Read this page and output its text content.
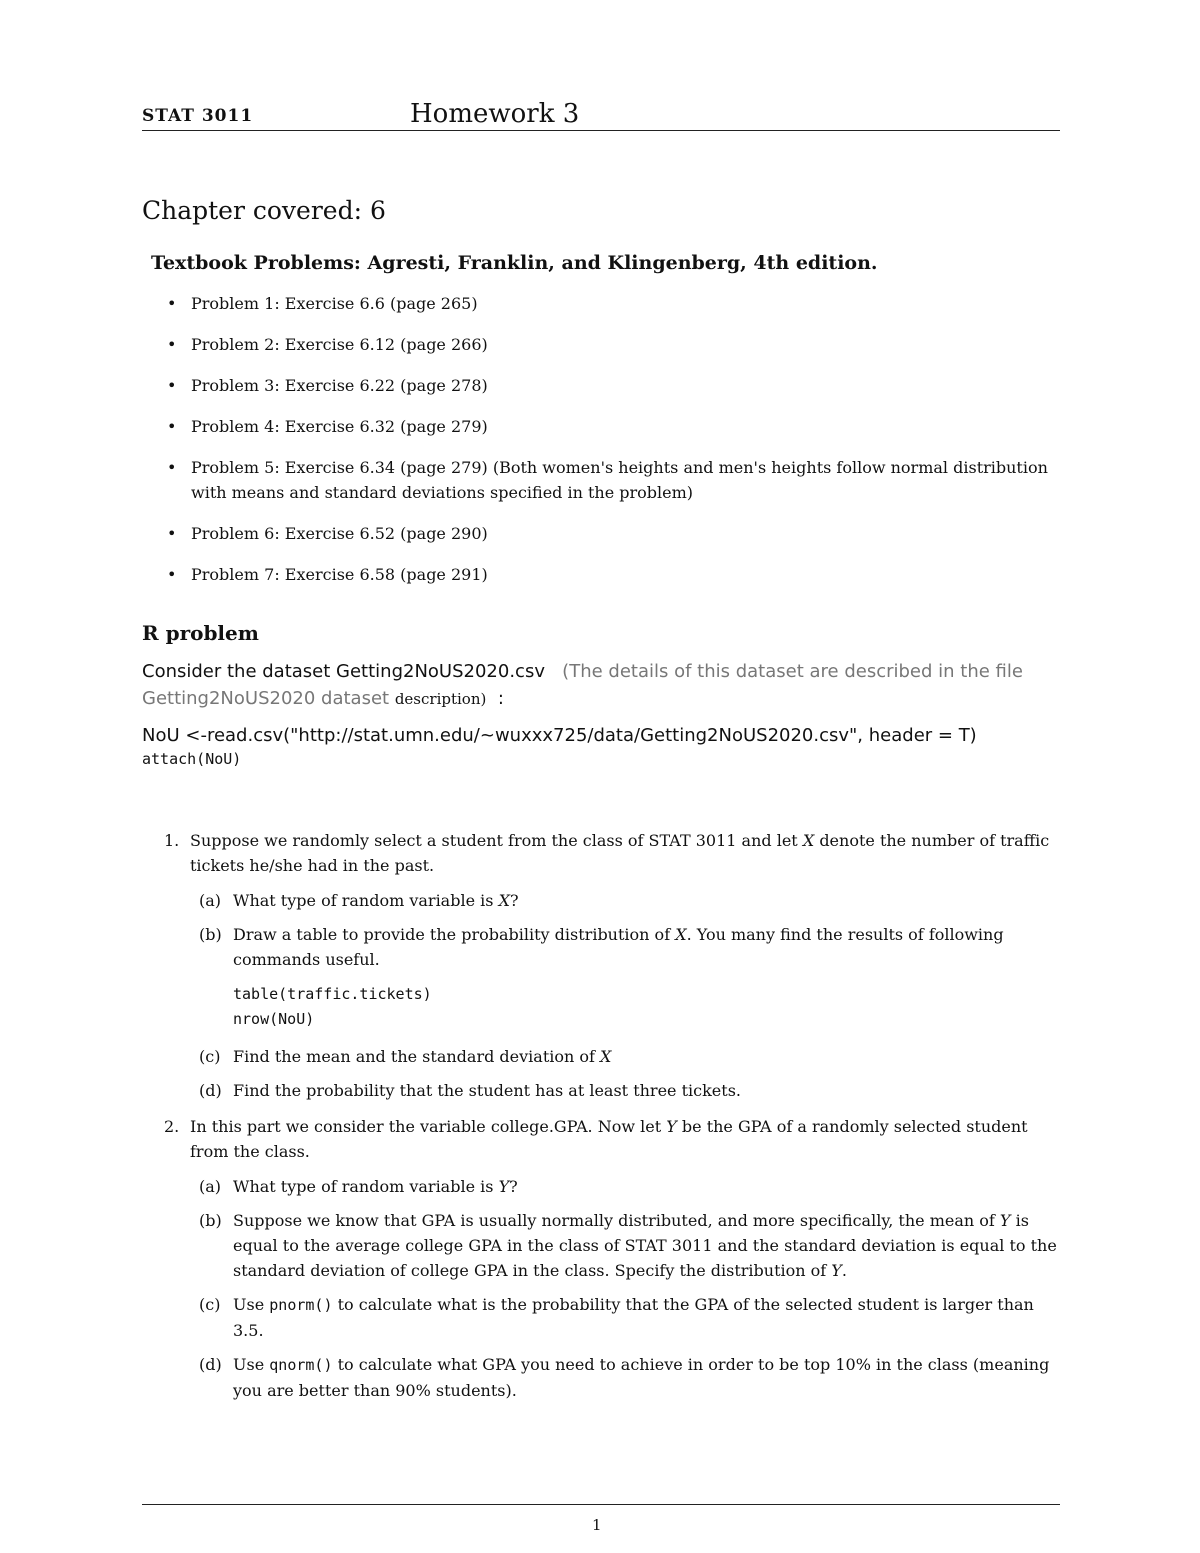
STAT 3011	Homework 3
Chapter covered: 6
Textbook Problems: Agresti, Franklin, and Klingenberg, 4th edition.
• Problem 1: Exercise 6.6 (page 265)
• Problem 2: Exercise 6.12 (page 266)
• Problem 3: Exercise 6.22 (page 278)
• Problem 4: Exercise 6.32 (page 279)
• Problem 5: Exercise 6.34 (page 279) (Both women's heights and men's heights follow normal distribution with means and standard deviations specified in the problem)
• Problem 6: Exercise 6.52 (page 290)
• Problem 7: Exercise 6.58 (page 291)
R problem
Consider the dataset Getting2NoUS2020.csv (The details of this dataset are described in the file Getting2NoUS2020 dataset description) :
NoU <-read.csv("http://stat.umn.edu/~wuxxx725/data/Getting2NoUS2020.csv", header = T)
attach(NoU)
1. Suppose we randomly select a student from the class of STAT 3011 and let X denote the number of traffic tickets he/she had in the past.
(a) What type of random variable is X?
(b) Draw a table to provide the probability distribution of X. You many find the results of following commands useful.
table(traffic.tickets)
nrow(NoU)
(c) Find the mean and the standard deviation of X
(d) Find the probability that the student has at least three tickets.
2. In this part we consider the variable college.GPA. Now let Y be the GPA of a randomly selected student from the class.
(a) What type of random variable is Y?
(b) Suppose we know that GPA is usually normally distributed, and more specifically, the mean of Y is equal to the average college GPA in the class of STAT 3011 and the standard deviation is equal to the standard deviation of college GPA in the class. Specify the distribution of Y.
(c) Use pnorm() to calculate what is the probability that the GPA of the selected student is larger than 3.5.
(d) Use qnorm() to calculate what GPA you need to achieve in order to be top 10% in the class (meaning you are better than 90% students).
1
